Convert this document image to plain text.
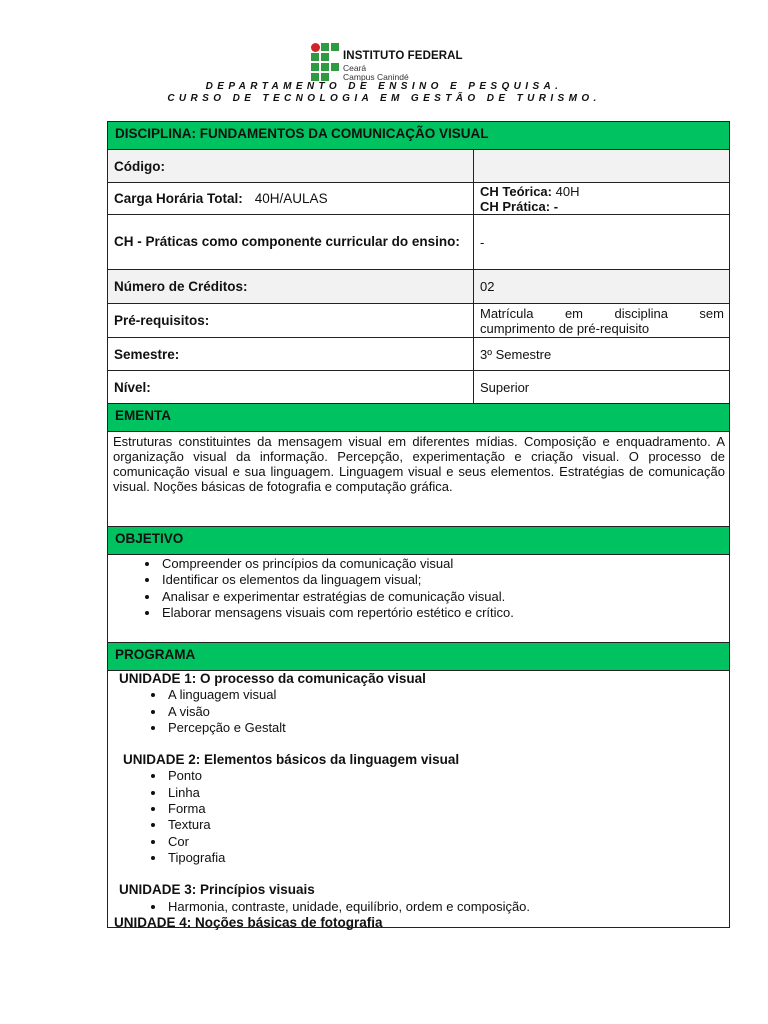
INSTITUTO FEDERAL
Ceará
Campus Canindé
DEPARTAMENTO DE ENSINO E PESQUISA.
CURSO DE TECNOLOGIA EM GESTÃO DE TURISMO.
DISCIPLINA: FUNDAMENTOS DA COMUNICAÇÃO VISUAL
Código:
Carga Horária Total: 40H/AULAS	CH Teórica: 40H
CH Prática: -
CH - Práticas como componente curricular do ensino:	-
Número de Créditos:	02
Pré-requisitos:	Matrícula em disciplina sem
cumprimento de pré-requisito
Semestre:	3º Semestre
Nível:	Superior
EMENTA
Estruturas constituintes da mensagem visual em diferentes mídias. Composição e enquadramento. A organização visual da informação. Percepção, experimentação e criação visual. O processo de comunicação visual e sua linguagem. Linguagem visual e seus elementos. Estratégias de comunicação visual. Noções básicas de fotografia e computação gráfica.
OBJETIVO
• Compreender os princípios da comunicação visual
• Identificar os elementos da linguagem visual;
• Analisar e experimentar estratégias de comunicação visual.
• Elaborar mensagens visuais com repertório estético e crítico.
PROGRAMA
UNIDADE 1: O processo da comunicação visual
• A linguagem visual
• A visão
• Percepção e Gestalt
UNIDADE 2: Elementos básicos da linguagem visual
• Ponto
• Linha
• Forma
• Textura
• Cor
• Tipografia
UNIDADE 3: Princípios visuais
• Harmonia, contraste, unidade, equilíbrio, ordem e composição.
UNIDADE 4: Noções básicas de fotografia
